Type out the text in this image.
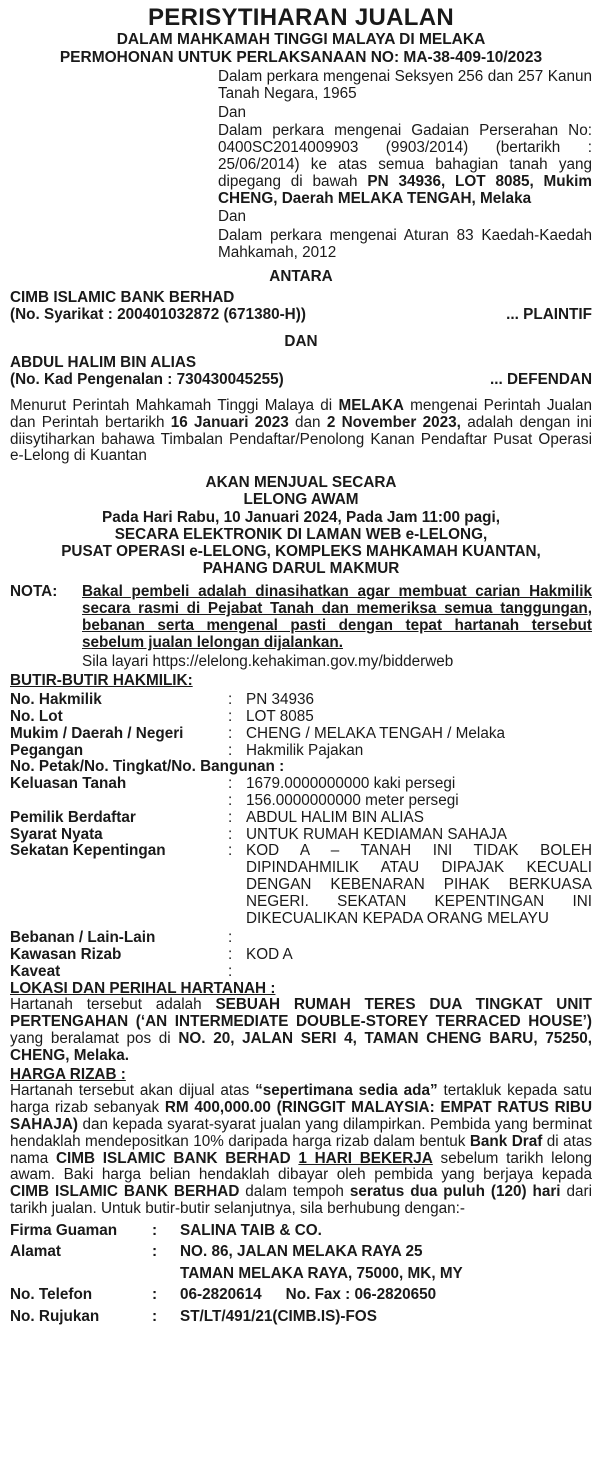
PERISYTIHARAN JUALAN
DALAM MAHKAMAH TINGGI MALAYA DI MELAKA
PERMOHONAN UNTUK PERLAKSANAAN NO: MA-38-409-10/2023

Dalam perkara mengenai Seksyen 256 dan 257 Kanun Tanah Negara, 1965

Dan

Dalam perkara mengenai Gadaian Perserahan No: 0400SC2014009903 (9903/2014) (bertarikh : 25/06/2014) ke atas semua bahagian tanah yang dipegang di bawah PN 34936, LOT 8085, Mukim CHENG, Daerah MELAKA TENGAH, Melaka

Dan

Dalam perkara mengenai Aturan 83 Kaedah-Kaedah Mahkamah, 2012

ANTARA
CIMB ISLAMIC BANK BERHAD
(No. Syarikat : 200401032872 (671380-H))	... PLAINTIF
DAN
ABDUL HALIM BIN ALIAS
(No. Kad Pengenalan : 730430045255)	... DEFENDAN
Menurut Perintah Mahkamah Tinggi Malaya di MELAKA mengenai Perintah Jualan dan Perintah bertarikh 16 Januari 2023 dan 2 November 2023, adalah dengan ini diisytiharkan bahawa Timbalan Pendaftar/Penolong Kanan Pendaftar Pusat Operasi e-Lelong di Kuantan
AKAN MENJUAL SECARA
LELONG AWAM
Pada Hari Rabu, 10 Januari 2024, Pada Jam 11:00 pagi,
SECARA ELEKTRONIK DI LAMAN WEB e-LELONG,
PUSAT OPERASI e-LELONG, KOMPLEKS MAHKAMAH KUANTAN,
PAHANG DARUL MAKMUR
NOTA:	Bakal pembeli adalah dinasihatkan agar membuat carian Hakmilik secara rasmi di Pejabat Tanah dan memeriksa semua tanggungan, bebanan serta mengenal pasti dengan tepat hartanah tersebut sebelum jualan lelongan dijalankan.
Sila layari https://elelong.kehakiman.gov.my/bidderweb
BUTIR-BUTIR HAKMILIK:
No. Hakmilik	: PN 34936
No. Lot	: LOT 8085
Mukim / Daerah / Negeri	: CHENG / MELAKA TENGAH / Melaka
Pegangan	: Hakmilik Pajakan
No. Petak/No. Tingkat/No. Bangunan :
Keluasan Tanah	: 1679.0000000000 kaki persegi
: 156.0000000000 meter persegi
Pemilik Berdaftar	: ABDUL HALIM BIN ALIAS
Syarat Nyata	: UNTUK RUMAH KEDIAMAN SAHAJA
Sekatan Kepentingan	: KOD A – TANAH INI TIDAK BOLEH DIPINDAHMILIK ATAU DIPAJAK KECUALI DENGAN KEBENARAN PIHAK BERKUASA NEGERI. SEKATAN KEPENTINGAN INI DIKECUALIKAN KEPADA ORANG MELAYU
Bebanan / Lain-Lain	:
Kawasan Rizab	: KOD A
Kaveat	:
LOKASI DAN PERIHAL HARTANAH :
Hartanah tersebut adalah SEBUAH RUMAH TERES DUA TINGKAT UNIT PERTENGAHAN (‘AN INTERMEDIATE DOUBLE-STOREY TERRACED HOUSE’) yang beralamat pos di NO. 20, JALAN SERI 4, TAMAN CHENG BARU, 75250, CHENG, Melaka.
HARGA RIZAB :
Hartanah tersebut akan dijual atas “sepertimana sedia ada” tertakluk kepada satu harga rizab sebanyak RM 400,000.00 (RINGGIT MALAYSIA: EMPAT RATUS RIBU SAHAJA) dan kepada syarat-syarat jualan yang dilampirkan. Pembida yang berminat hendaklah mendepositkan 10% daripada harga rizab dalam bentuk Bank Draf di atas nama CIMB ISLAMIC BANK BERHAD 1 HARI BEKERJA sebelum tarikh lelong awam. Baki harga belian hendaklah dibayar oleh pembida yang berjaya kepada CIMB ISLAMIC BANK BERHAD dalam tempoh seratus dua puluh (120) hari dari tarikh jualan. Untuk butir-butir selanjutnya, sila berhubung dengan:-
Firma Guaman	:	SALINA TAIB & CO.
Alamat	:	NO. 86, JALAN MELAKA RAYA 25
TAMAN MELAKA RAYA, 75000, MK, MY
No. Telefon	:	06-2820614 No. Fax : 06-2820650
No. Rujukan	:	ST/LT/491/21(CIMB.IS)-FOS
